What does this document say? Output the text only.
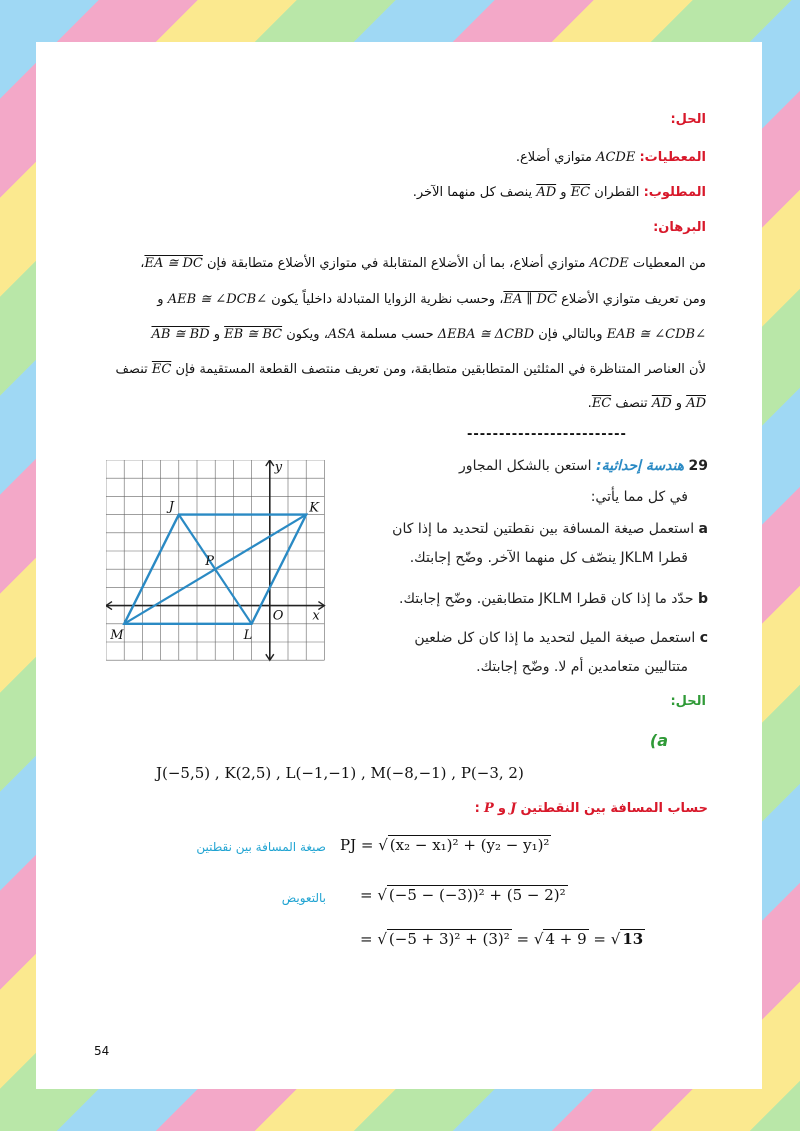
الحل:
المعطيات: ACDE متوازي أضلاع.
المطلوب: القطران EC و AD ينصف كل منهما الآخر.
البرهان:
من المعطيات ACDE متوازي أضلاع، بما أن الأضلاع المتقابلة في متوازي الأضلاع متطابقة فإن EA ≅ DC،
ومن تعريف متوازي الأضلاع EA ∥ DC، وحسب نظرية الزوايا المتبادلة داخلياً يكون ∠AEB ≅ ∠DCB و
∠EAB ≅ ∠CDB وبالتالي فإن ΔEBA ≅ ΔCBD حسب مسلمة ASA، ويكون EB ≅ BC و AB ≅ BD
لأن العناصر المتناظرة في المثلثين المتطابقين متطابقة، ومن تعريف منتصف القطعة المستقيمة فإن EC تنصف
AD و AD تنصف EC.
-------------------------
J	K
L
M
P
O x
y	29 هندسة إحداثية: استعن بالشكل المجاور
في كل مما يأتي:
a استعمل صيغة المسافة بين نقطتين لتحديد ما إذا كان
قطرا JKLM ينصّف كل منهما الآخر. وضّح إجابتك.
b حدّد ما إذا كان قطرا JKLM متطابقين. وضّح إجابتك.
c استعمل صيغة الميل لتحديد ما إذا كان كل ضلعين
متتاليين متعامدين أم لا. وضّح إجابتك.
الحل:
(a
J(−5,5) , K(2,5) , L(−1,−1) , M(−8,−1) , P(−3, 2)
حساب المسافة بين النقطتين J و P :
صيغة المسافة بين نقطتين PJ = √ (x₂ − x₁)² + (y₂ − y₁)²
بالتعويض = √ (−5 − (−3))² + (5 − 2)²
= √ (−5 + 3)² + (3)² = √ 4 + 9 = √ 13
54
